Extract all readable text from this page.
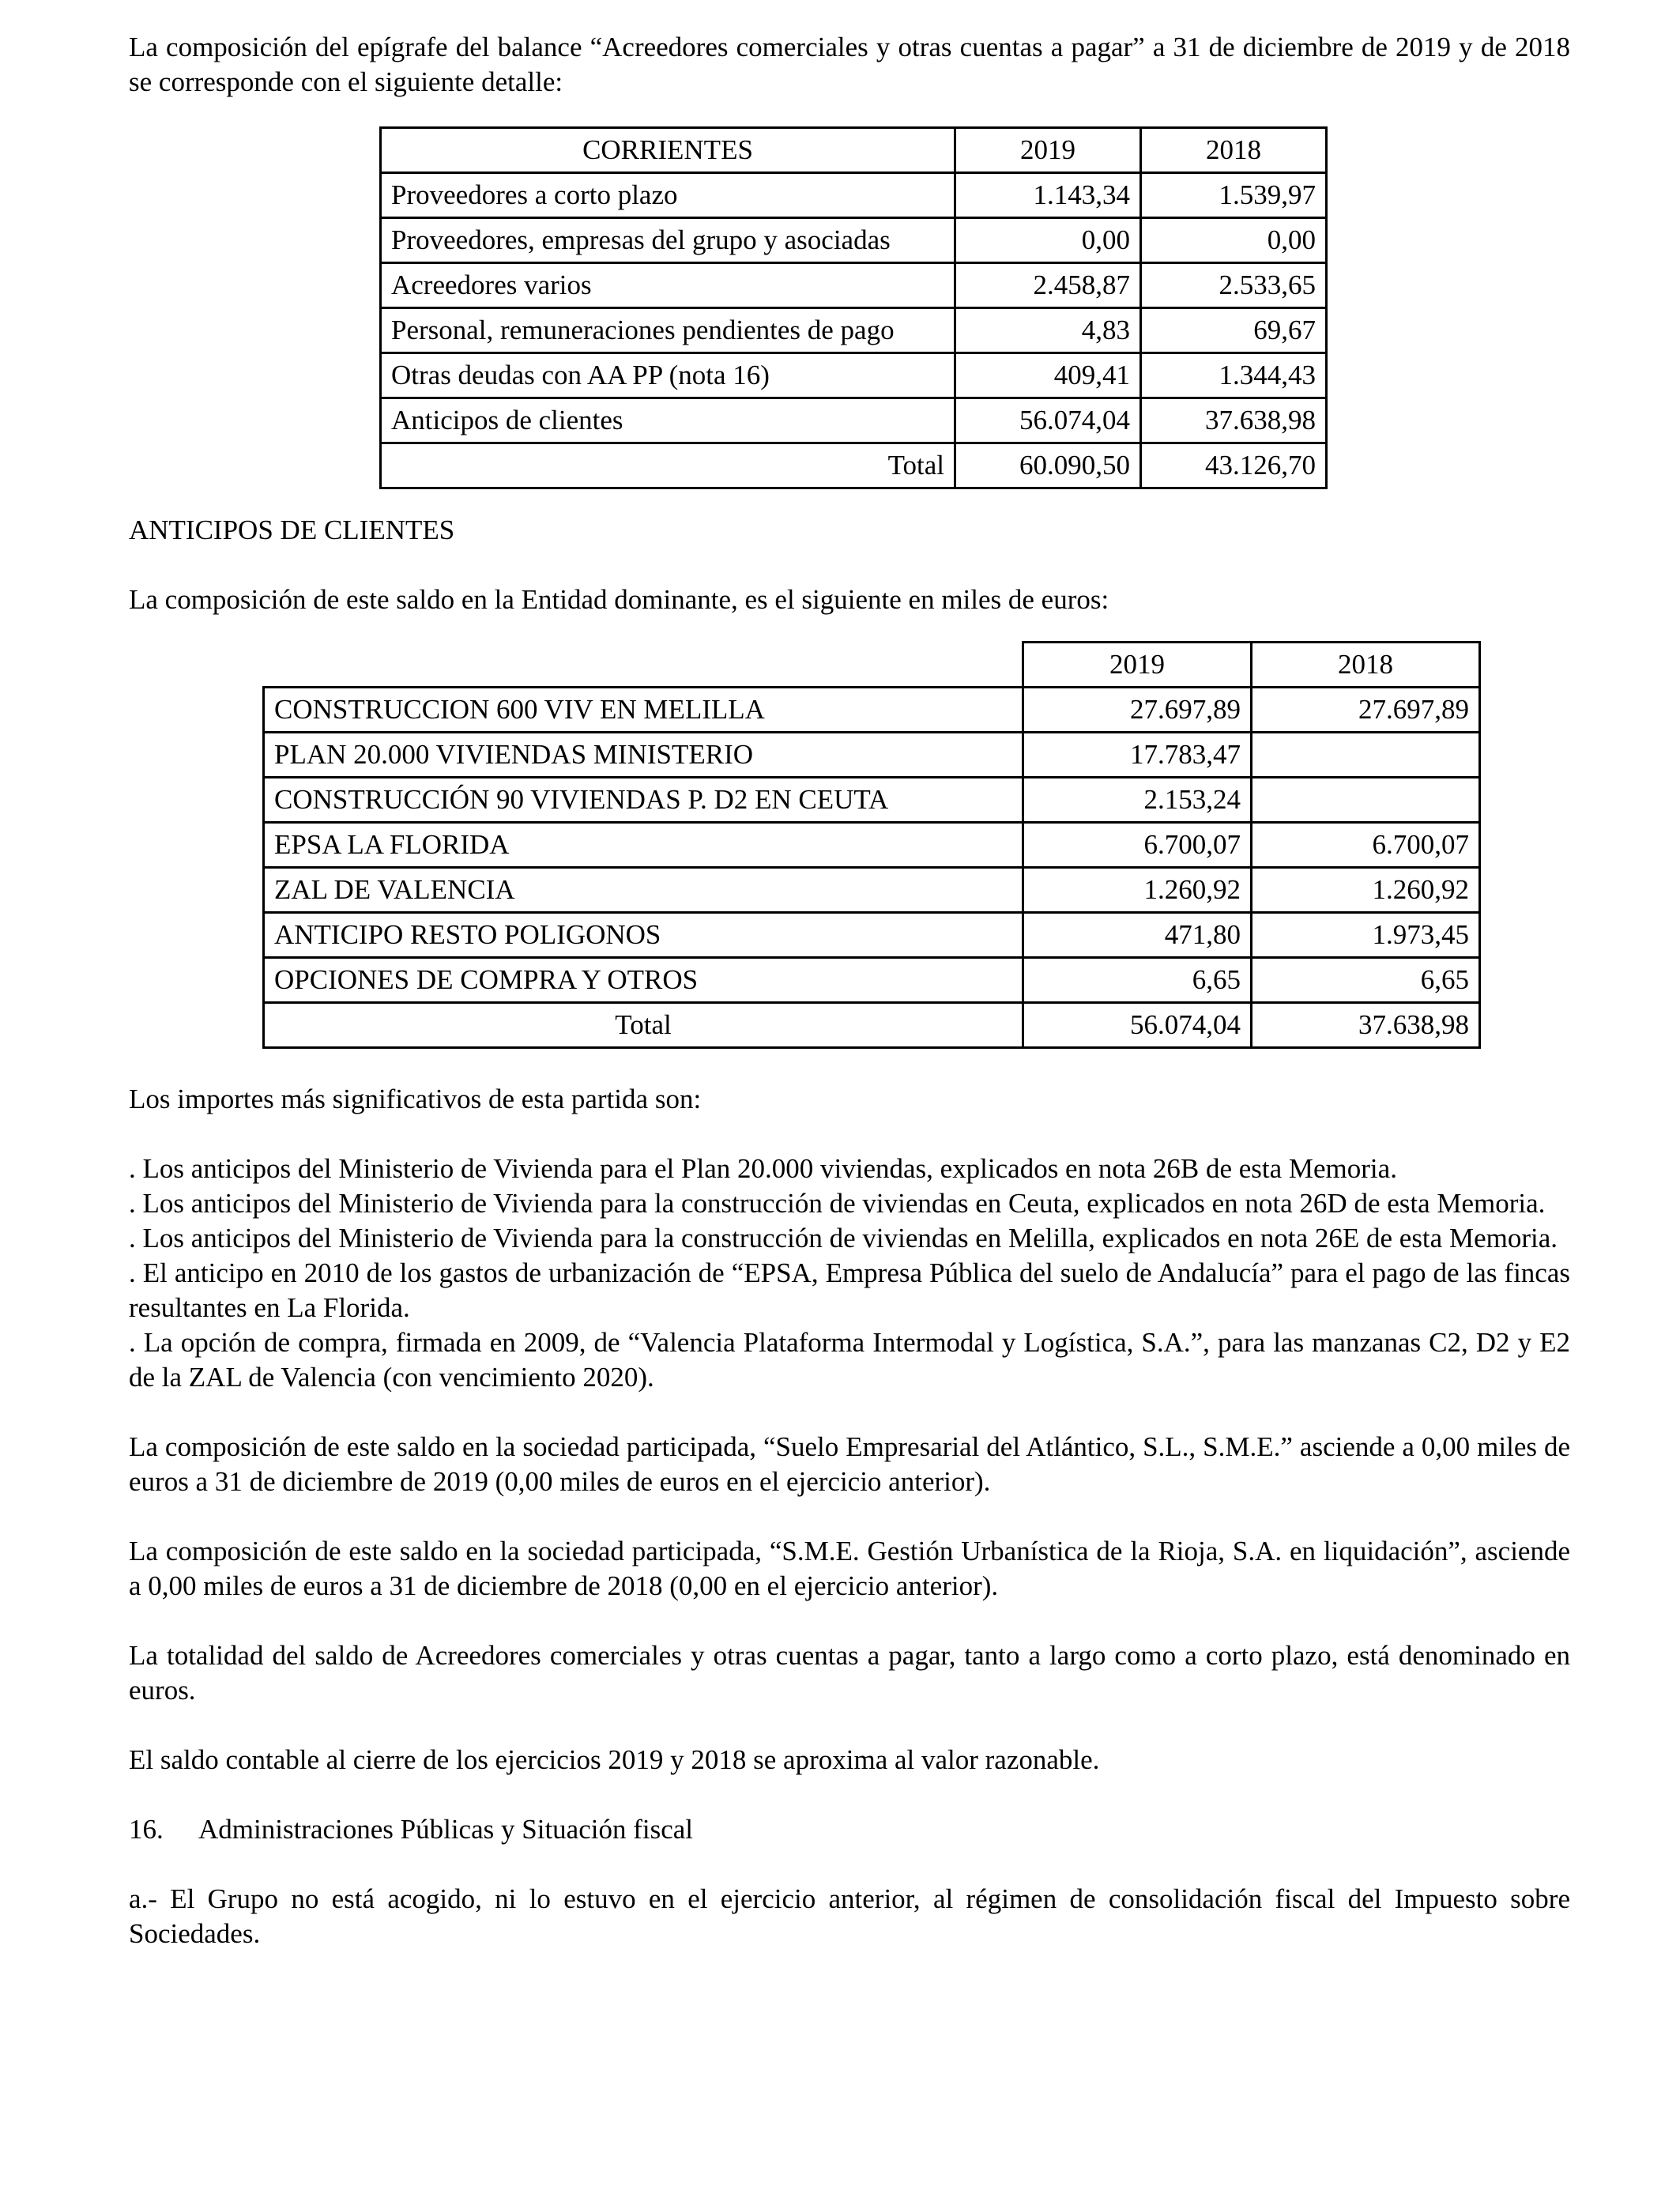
La composición del epígrafe del balance “Acreedores comerciales y otras cuentas a pagar” a 31 de diciembre de 2019 y de 2018 se corresponde con el siguiente detalle:

CORRIENTES	2019	2018
Proveedores a corto plazo	1.143,34	1.539,97
Proveedores, empresas del grupo y asociadas	0,00	0,00
Acreedores varios	2.458,87	2.533,65
Personal, remuneraciones pendientes de pago	4,83	69,67
Otras deudas con AA PP (nota 16)	409,41	1.344,43
Anticipos de clientes	56.074,04	37.638,98
Total	60.090,50	43.126,70

ANTICIPOS DE CLIENTES

La composición de este saldo en la Entidad dominante, es el siguiente en miles de euros:

	2019	2018
CONSTRUCCION 600 VIV EN MELILLA	27.697,89	27.697,89
PLAN 20.000 VIVIENDAS MINISTERIO	17.783,47	
CONSTRUCCIÓN 90 VIVIENDAS P. D2 EN CEUTA	2.153,24	
EPSA LA FLORIDA	6.700,07	6.700,07
ZAL DE VALENCIA	1.260,92	1.260,92
ANTICIPO RESTO POLIGONOS	471,80	1.973,45
OPCIONES DE COMPRA Y OTROS	6,65	6,65
Total	56.074,04	37.638,98

Los importes más significativos de esta partida son:

. Los anticipos del Ministerio de Vivienda para el Plan 20.000 viviendas, explicados en nota 26B de esta Memoria.

. Los anticipos del Ministerio de Vivienda para la construcción de viviendas en Ceuta, explicados en nota 26D de esta Memoria.

. Los anticipos del Ministerio de Vivienda para la construcción de viviendas en Melilla, explicados en nota 26E de esta Memoria.

. El anticipo en 2010 de los gastos de urbanización de “EPSA, Empresa Pública del suelo de Andalucía” para el pago de las fincas resultantes en La Florida.

. La opción de compra, firmada en 2009, de “Valencia Plataforma Intermodal y Logística, S.A.”, para las manzanas C2, D2 y E2 de la ZAL de Valencia (con vencimiento 2020).

La composición de este saldo en la sociedad participada, “Suelo Empresarial del Atlántico, S.L., S.M.E.” asciende a 0,00 miles de euros a 31 de diciembre de 2019 (0,00 miles de euros en el ejercicio anterior).

La composición de este saldo en la sociedad participada, “S.M.E. Gestión Urbanística de la Rioja, S.A. en liquidación”, asciende a 0,00 miles de euros a 31 de diciembre de 2018 (0,00 en el ejercicio anterior).

La totalidad del saldo de Acreedores comerciales y otras cuentas a pagar, tanto a largo como a corto plazo, está denominado en euros.

El saldo contable al cierre de los ejercicios 2019 y 2018 se aproxima al valor razonable.

16. Administraciones Públicas y Situación fiscal

a.- El Grupo no está acogido, ni lo estuvo en el ejercicio anterior, al régimen de consolidación fiscal del Impuesto sobre Sociedades.
